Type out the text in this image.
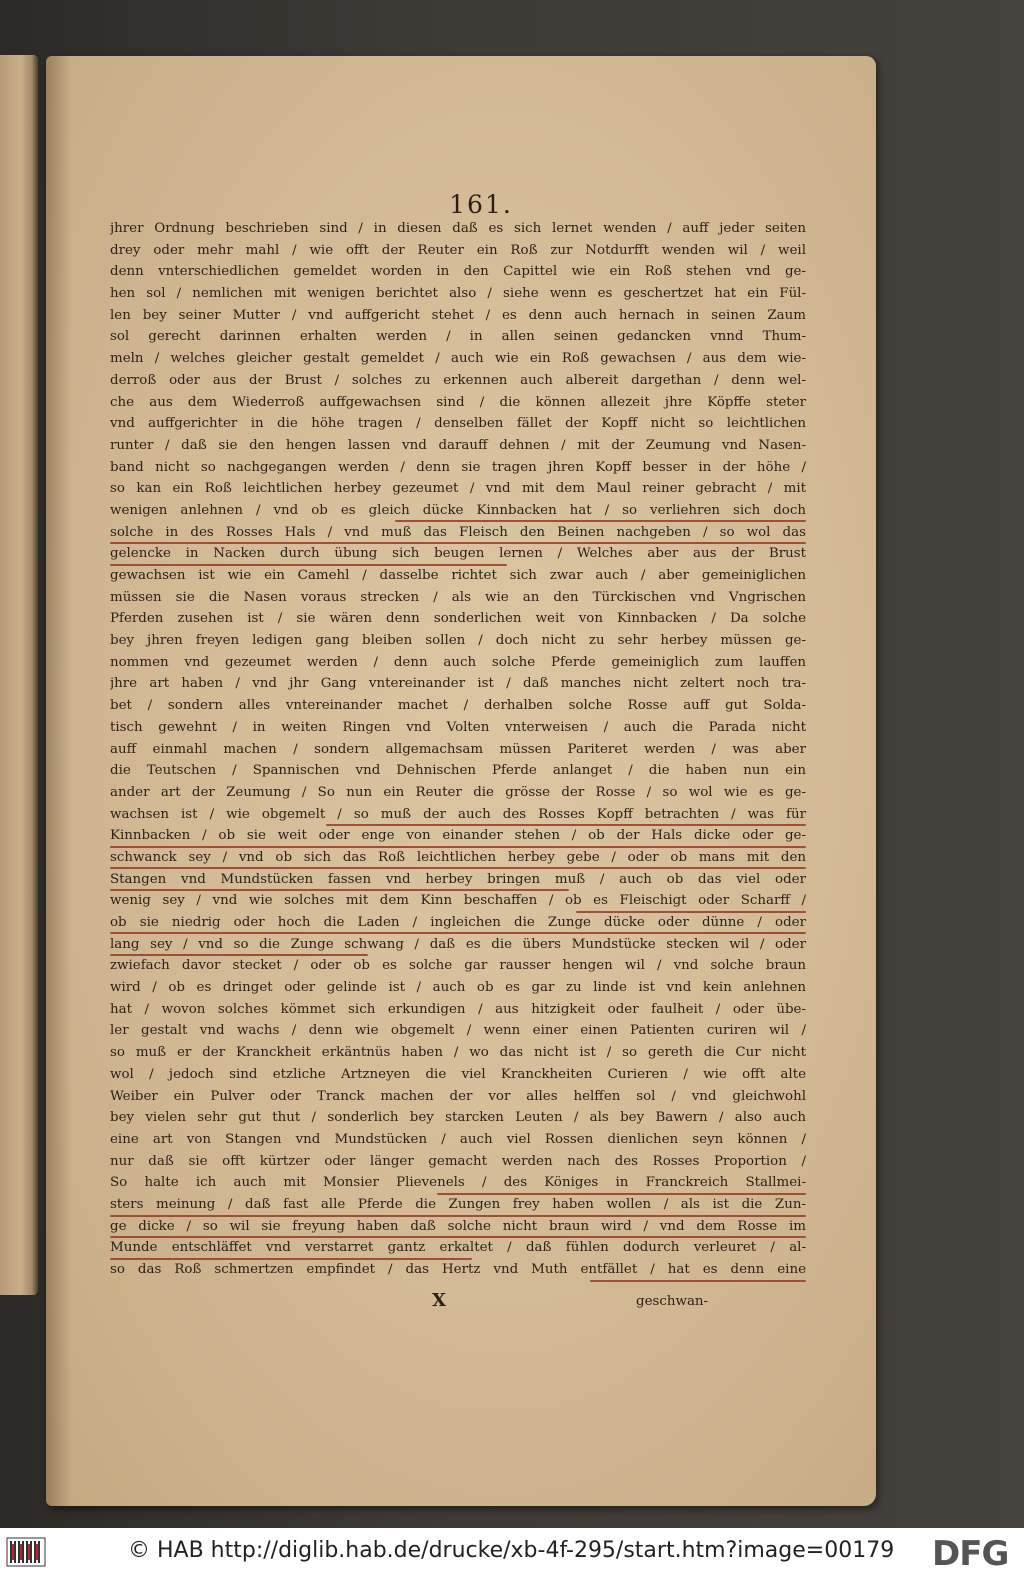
161.
jhrer Ordnung beschrieben sind / in diesen daß es sich lernet wenden / auff jeder seiten
drey oder mehr mahl / wie offt der Reuter ein Roß zur Notdurfft wenden wil / weil
denn vnterschiedlichen gemeldet worden in den Capittel wie ein Roß stehen vnd ge-
hen sol / nemlichen mit wenigen berichtet also / siehe wenn es geschertzet hat ein Fül-
len bey seiner Mutter / vnd auffgericht stehet / es denn auch hernach in seinen Zaum
sol gerecht darinnen erhalten werden / in allen seinen gedancken vnnd Thum-
meln / welches gleicher gestalt gemeldet / auch wie ein Roß gewachsen / aus dem wie-
derroß oder aus der Brust / solches zu erkennen auch albereit dargethan / denn wel-
che aus dem Wiederroß auffgewachsen sind / die können allezeit jhre Köpffe steter
vnd auffgerichter in die höhe tragen / denselben fället der Kopff nicht so leichtlichen
runter / daß sie den hengen lassen vnd darauff dehnen / mit der Zeumung vnd Nasen-
band nicht so nachgegangen werden / denn sie tragen jhren Kopff besser in der höhe /
so kan ein Roß leichtlichen herbey gezeumet / vnd mit dem Maul reiner gebracht / mit
wenigen anlehnen / vnd ob es gleich dücke Kinnbacken hat / so verliehren sich doch
solche in des Rosses Hals / vnd muß das Fleisch den Beinen nachgeben / so wol das
gelencke in Nacken durch übung sich beugen lernen / Welches aber aus der Brust
gewachsen ist wie ein Camehl / dasselbe richtet sich zwar auch / aber gemeiniglichen
müssen sie die Nasen voraus strecken / als wie an den Türckischen vnd Vngrischen
Pferden zusehen ist / sie wären denn sonderlichen weit von Kinnbacken / Da solche
bey jhren freyen ledigen gang bleiben sollen / doch nicht zu sehr herbey müssen ge-
nommen vnd gezeumet werden / denn auch solche Pferde gemeiniglich zum lauffen
jhre art haben / vnd jhr Gang vntereinander ist / daß manches nicht zeltert noch tra-
bet / sondern alles vntereinander machet / derhalben solche Rosse auff gut Solda-
tisch gewehnt / in weiten Ringen vnd Volten vnterweisen / auch die Parada nicht
auff einmahl machen / sondern allgemachsam müssen Pariteret werden / was aber
die Teutschen / Spannischen vnd Dehnischen Pferde anlanget / die haben nun ein
ander art der Zeumung / So nun ein Reuter die grösse der Rosse / so wol wie es ge-
wachsen ist / wie obgemelt / so muß der auch des Rosses Kopff betrachten / was für
Kinnbacken / ob sie weit oder enge von einander stehen / ob der Hals dicke oder ge-
schwanck sey / vnd ob sich das Roß leichtlichen herbey gebe / oder ob mans mit den
Stangen vnd Mundstücken fassen vnd herbey bringen muß / auch ob das viel oder
wenig sey / vnd wie solches mit dem Kinn beschaffen / ob es Fleischigt oder Scharff /
ob sie niedrig oder hoch die Laden / ingleichen die Zunge dücke oder dünne / oder
lang sey / vnd so die Zunge schwang / daß es die übers Mundstücke stecken wil / oder
zwiefach davor stecket / oder ob es solche gar rausser hengen wil / vnd solche braun
wird / ob es dringet oder gelinde ist / auch ob es gar zu linde ist vnd kein anlehnen
hat / wovon solches kömmet sich erkundigen / aus hitzigkeit oder faulheit / oder übe-
ler gestalt vnd wachs / denn wie obgemelt / wenn einer einen Patienten curiren wil /
so muß er der Kranckheit erkäntnüs haben / wo das nicht ist / so gereth die Cur nicht
wol / jedoch sind etzliche Artzneyen die viel Kranckheiten Curieren / wie offt alte
Weiber ein Pulver oder Tranck machen der vor alles helffen sol / vnd gleichwohl
bey vielen sehr gut thut / sonderlich bey starcken Leuten / als bey Bawern / also auch
eine art von Stangen vnd Mundstücken / auch viel Rossen dienlichen seyn können /
nur daß sie offt kürtzer oder länger gemacht werden nach des Rosses Proportion /
So halte ich auch mit Monsier Plievenels / des Königes in Franckreich Stallmei-
sters meinung / daß fast alle Pferde die Zungen frey haben wollen / als ist die Zun-
ge dicke / so wil sie freyung haben daß solche nicht braun wird / vnd dem Rosse im
Munde entschläffet vnd verstarret gantz erkaltet / daß fühlen dodurch verleuret / al-
so das Roß schmertzen empfindet / das Hertz vnd Muth entfället / hat es denn eine
X	geschwan-
© HAB http://diglib.hab.de/drucke/xb-4f-295/start.htm?image=00179 DFG
